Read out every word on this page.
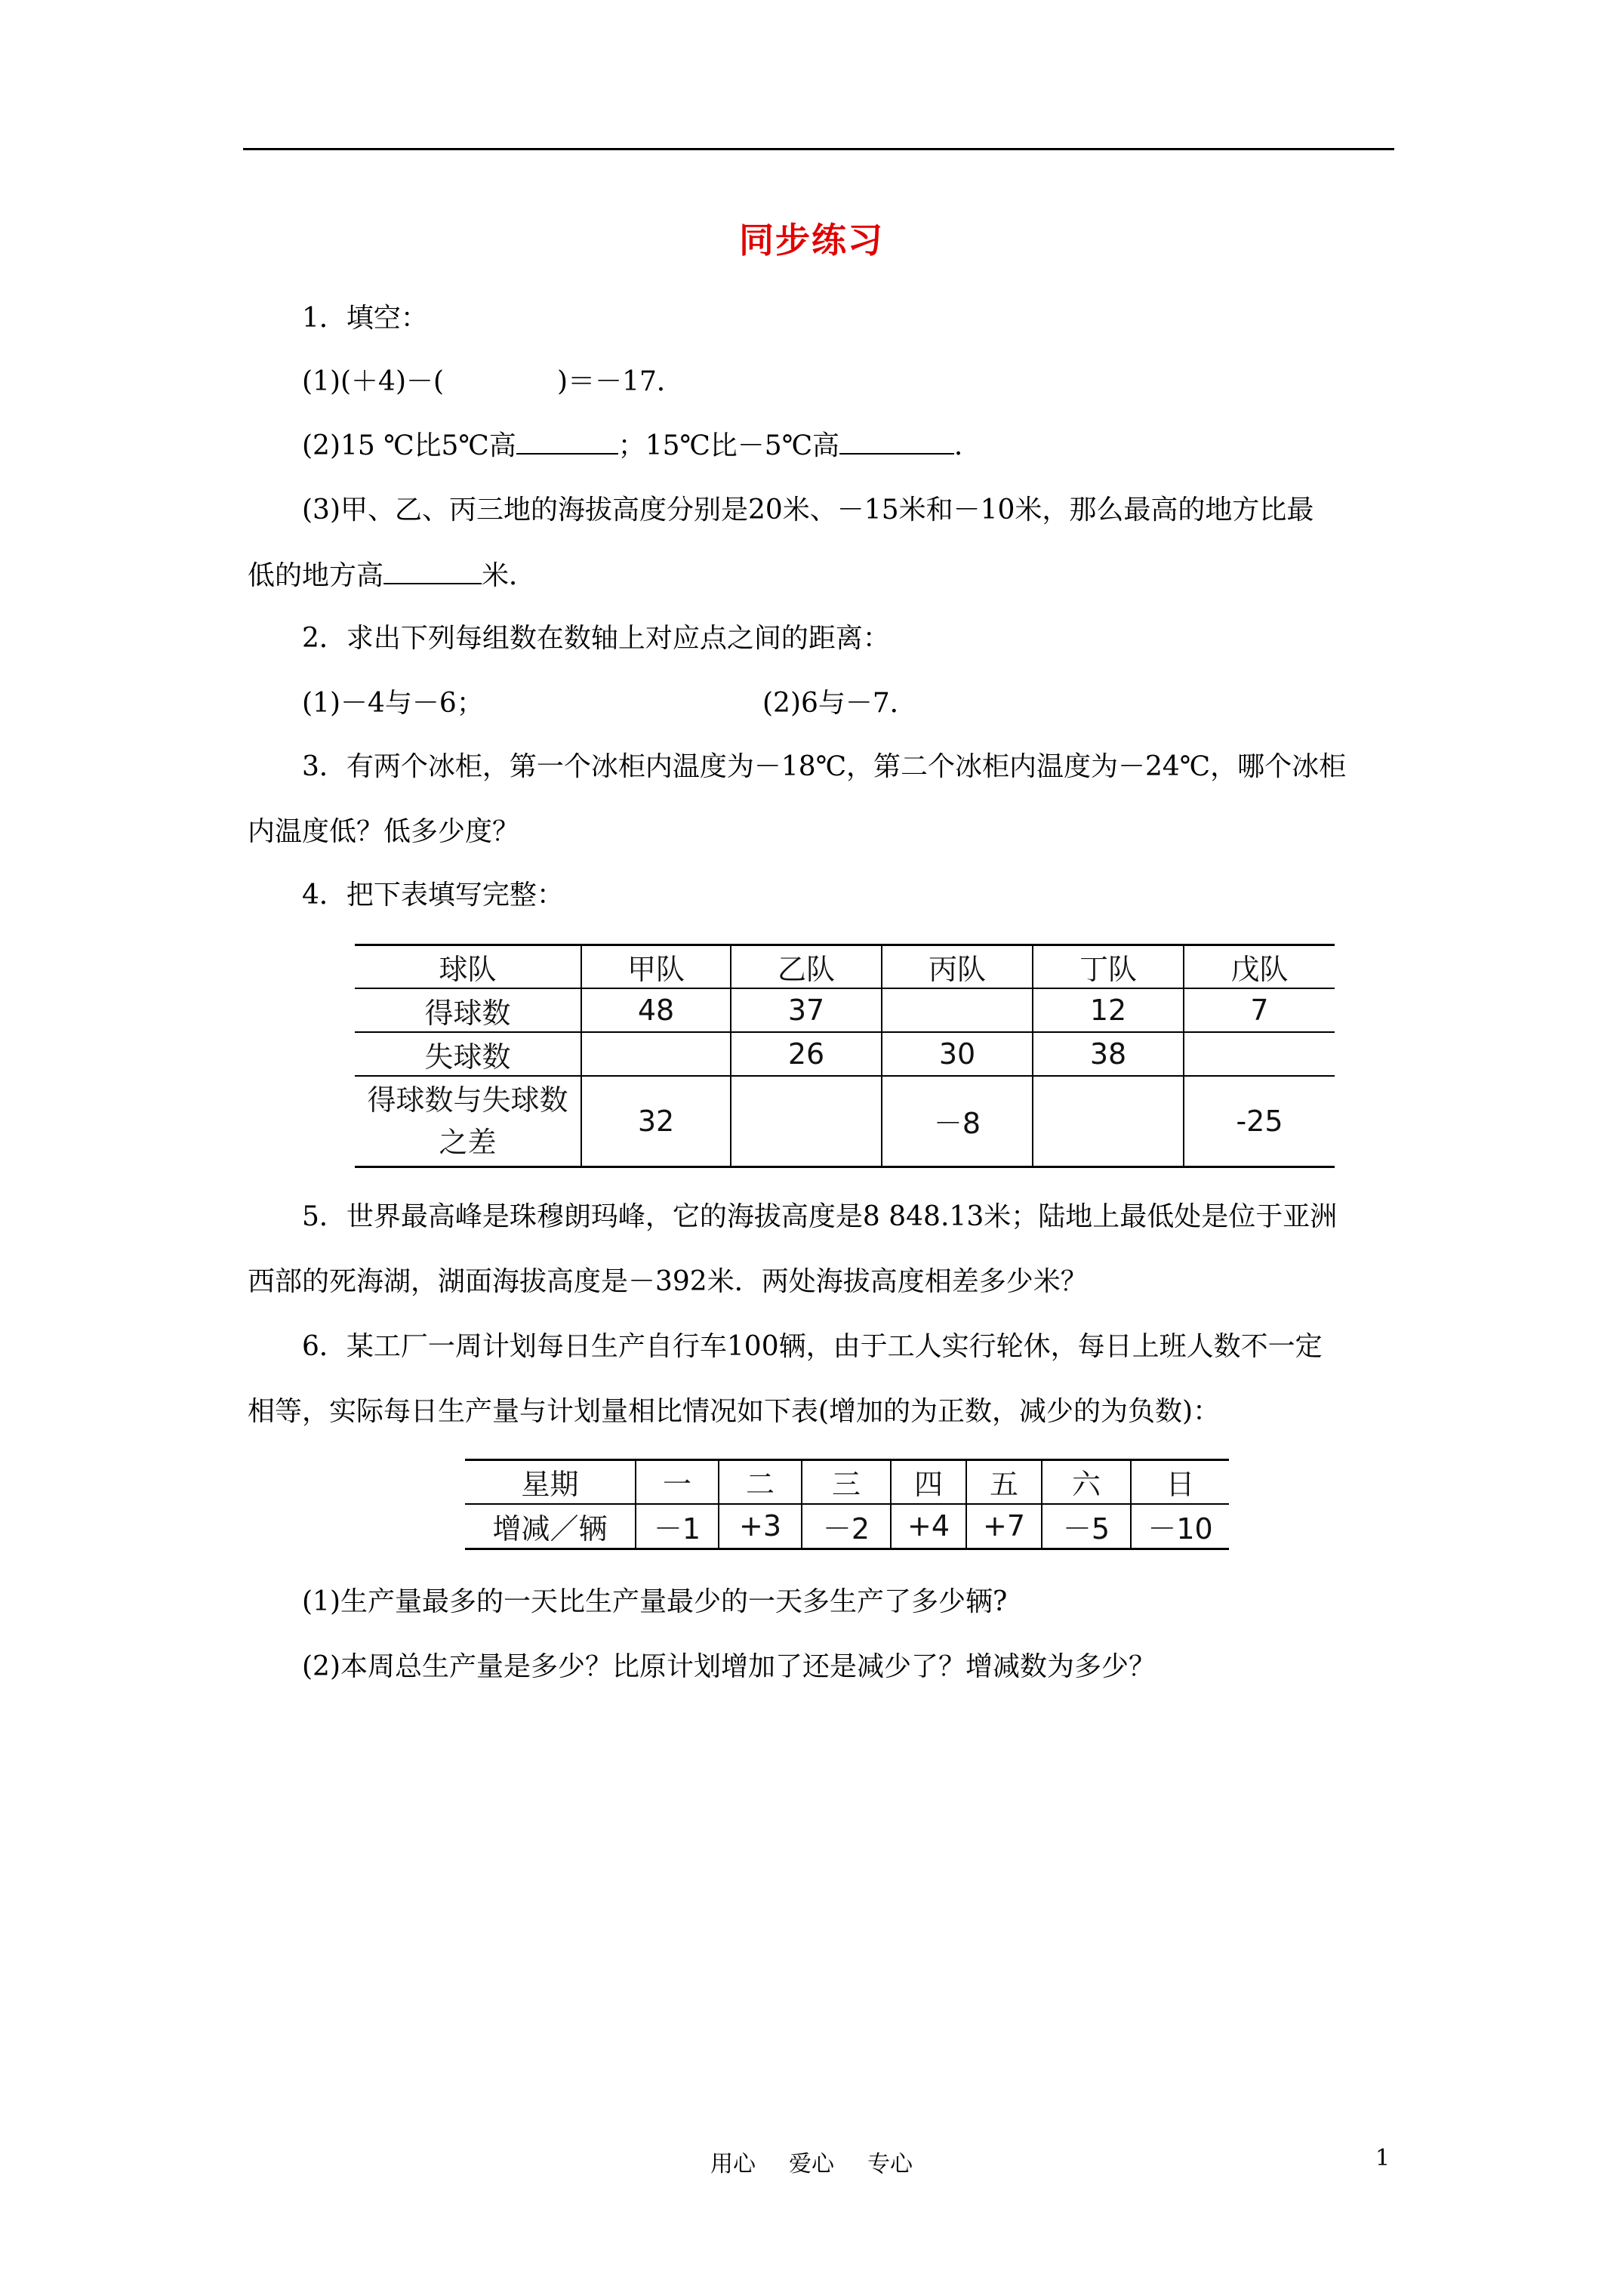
同步练习
1．填空：
(1)(＋4)－(	)＝－17．
(2)15 ℃比5℃高	；15℃比－5℃高	．
(3)甲、乙、丙三地的海拔高度分别是20米、－15米和－10米，那么最高的地方比最
低的地方高	米．
2．求出下列每组数在数轴上对应点之间的距离：
(1)－4与－6；	(2)6与－7．
3．有两个冰柜，第一个冰柜内温度为－18℃，第二个冰柜内温度为－24℃，哪个冰柜
内温度低？低多少度？
4．把下表填写完整：
球队	甲队	乙队	丙队	丁队	戊队
得球数	48	37		12	7
失球数		26	30	38	
得球数与失球数之差	32		－8		-25
5．世界最高峰是珠穆朗玛峰，它的海拔高度是8 848.13米；陆地上最低处是位于亚洲
西部的死海湖，湖面海拔高度是－392米．两处海拔高度相差多少米？
6．某工厂一周计划每日生产自行车100辆，由于工人实行轮休，每日上班人数不一定
相等，实际每日生产量与计划量相比情况如下表(增加的为正数，减少的为负数)：
星期	一	二	三	四	五	六	日
增减／辆	－1	+3	－2	+4	+7	－5	－10
(1)生产量最多的一天比生产量最少的一天多生产了多少辆?
(2)本周总生产量是多少？比原计划增加了还是减少了？增减数为多少？
用心 爱心 专心	1
